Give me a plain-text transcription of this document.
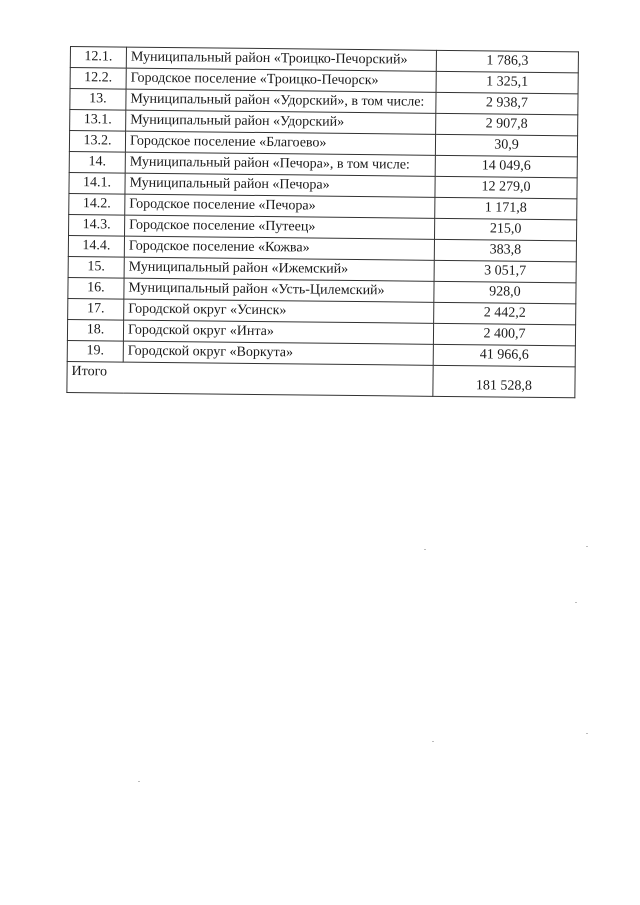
12.1.	Муниципальный район «Троицко-Печорский»	1 786,3
12.2.	Городское поселение «Троицко-Печорск»	1 325,1
13.	Муниципальный район «Удорский», в том числе:	2 938,7
13.1.	Муниципальный район «Удорский»	2 907,8
13.2.	Городское поселение «Благоево»	30,9
14.	Муниципальный район «Печора», в том числе:	14 049,6
14.1.	Муниципальный район «Печора»	12 279,0
14.2.	Городское поселение «Печора»	1 171,8
14.3.	Городское поселение «Путеец»	215,0
14.4.	Городское поселение «Кожва»	383,8
15.	Муниципальный район «Ижемский»	3 051,7
16.	Муниципальный район «Усть-Цилемский»	928,0
17.	Городской округ «Усинск»	2 442,2
18.	Городской округ «Инта»	2 400,7
19.	Городской округ «Воркута»	41 966,6
Итого		181 528,8
